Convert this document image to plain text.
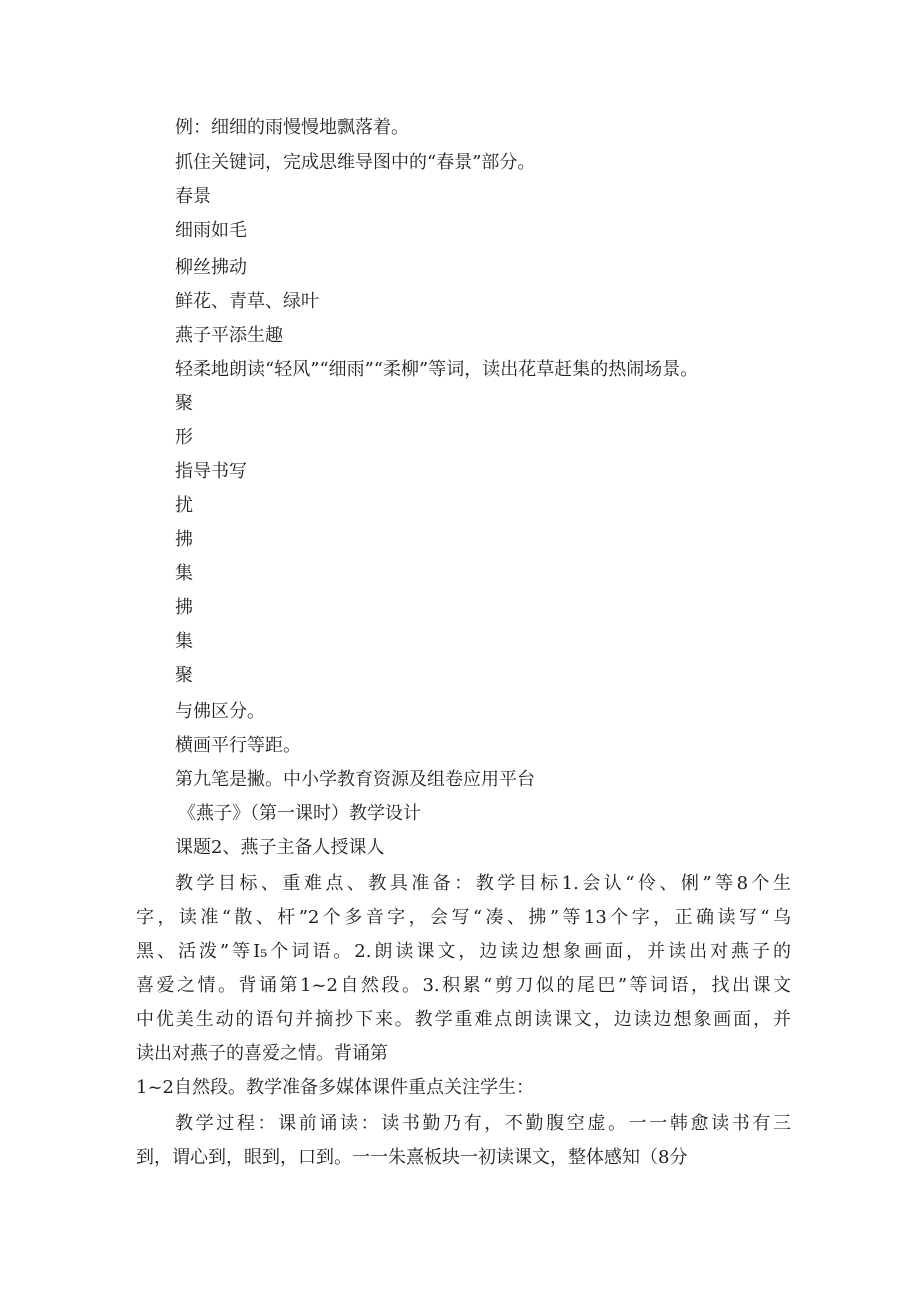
例：细细的雨慢慢地飘落着。
抓住关键词，完成思维导图中的“春景”部分。
春景
细雨如毛
柳丝拂动
鲜花、青草、绿叶
燕子平添生趣
轻柔地朗读“轻风”“细雨”“柔柳”等词，读出花草赶集的热闹场景。
聚
形
指导书写
扰
拂
集
拂
集
聚
与佛区分。
横画平行等距。
第九笔是撇。中小学教育资源及组卷应用平台
《燕子》（第一课时）教学设计
课题2、燕子主备人授课人
教学目标、重难点、教具准备：教学目标1.会认“伶、俐”等8个生
字，读准“散、杆”2个多音字，会写“凑、拂”等13个字，正确读写“乌
黑、活泼”等I₅个词语。2.朗读课文，边读边想象画面，并读出对燕子的
喜爱之情。背诵第1~2自然段。3.积累“剪刀似的尾巴”等词语，找出课文
中优美生动的语句并摘抄下来。教学重难点朗读课文，边读边想象画面，并
读出对燕子的喜爱之情。背诵第
1~2自然段。教学准备多媒体课件重点关注学生：
教学过程：课前诵读：读书勤乃有，不勤腹空虚。一一韩愈读书有三
到，谓心到，眼到，口到。一一朱熹板块一初读课文，整体感知（8分
